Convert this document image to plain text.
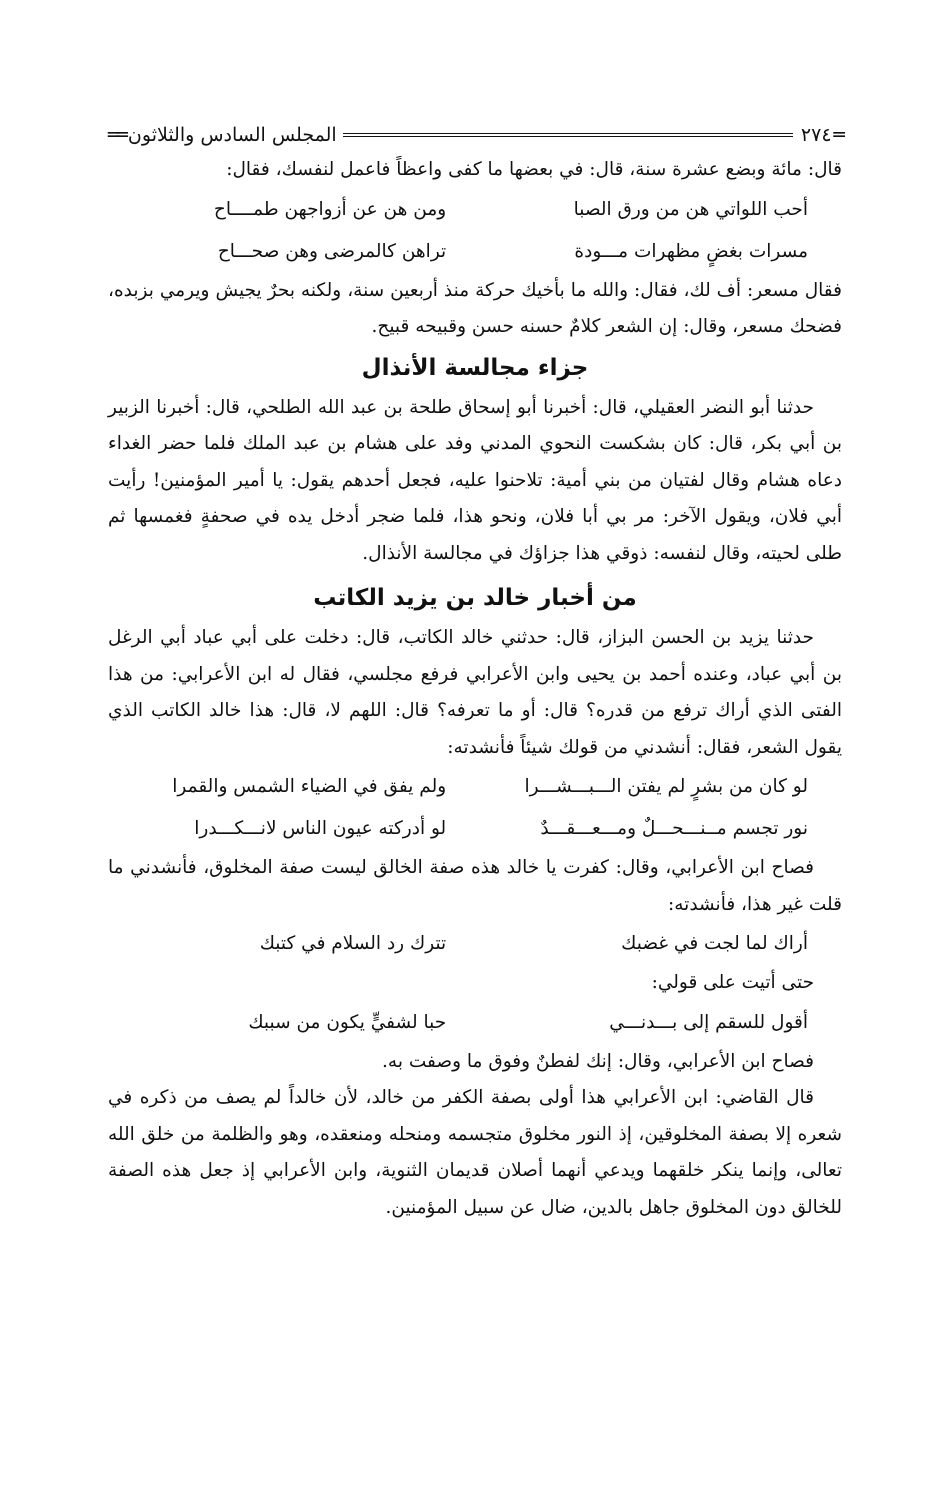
═
٢٧٤
المجلس السادس والثلاثون
══

قال: مائة وبضع عشرة سنة، قال: في بعضها ما كفى واعظاً فاعمل لنفسك، فقال:

أحب اللواتي هن من ورق الصبا
ومن هن عن أزواجهن طمــــاح
مسرات بغضٍ مظهرات مـــودة
تراهن كالمرضى وهن صحـــاح

فقال مسعر: أف لك، فقال: والله ما بأخيك حركة منذ أربعين سنة، ولكنه بحرٌ يجيش ويرمي بزبده، فضحك مسعر، وقال: إن الشعر كلامٌ حسنه حسن وقبيحه قبيح.

جزاء مجالسة الأنذال

حدثنا أبو النضر العقيلي، قال: أخبرنا أبو إسحاق طلحة بن عبد الله الطلحي، قال: أخبرنا الزبير بن أبي بكر، قال: كان بشكست النحوي المدني وفد على هشام بن عبد الملك فلما حضر الغداء دعاه هشام وقال لفتيان من بني أمية: تلاحنوا عليه، فجعل أحدهم يقول: يا أمير المؤمنين! رأيت أبي فلان، ويقول الآخر: مر بي أبا فلان، ونحو هذا، فلما ضجر أدخل يده في صحفةٍ فغمسها ثم طلى لحيته، وقال لنفسه: ذوقي هذا جزاؤك في مجالسة الأنذال.

من أخبار خالد بن يزيد الكاتب

حدثنا يزيد بن الحسن البزاز، قال: حدثني خالد الكاتب، قال: دخلت على أبي عباد أبي الرغل بن أبي عباد، وعنده أحمد بن يحيى وابن الأعرابي فرفع مجلسي، فقال له ابن الأعرابي: من هذا الفتى الذي أراك ترفع من قدره؟ قال: أو ما تعرفه؟ قال: اللهم لا، قال: هذا خالد الكاتب الذي يقول الشعر، فقال: أنشدني من قولك شيئاً فأنشدته:

لو كان من بشرٍ لم يفتن الـــبـــشـــرا
ولم يفق في الضياء الشمس والقمرا
نور تجسم مــنـــحـــلٌ ومـــعـــقـــدٌ
لو أدركته عيون الناس لانـــكـــدرا

فصاح ابن الأعرابي، وقال: كفرت يا خالد هذه صفة الخالق ليست صفة المخلوق، فأنشدني ما قلت غير هذا، فأنشدته:

أراك لما لجت في غضبك
تترك رد السلام في كتبك

حتى أتيت على قولي:

أقول للسقم إلى بـــدنـــي
حبا لشفيٍّ يكون من سببك

فصاح ابن الأعرابي، وقال: إنك لفطنٌ وفوق ما وصفت به.

قال القاضي: ابن الأعرابي هذا أولى بصفة الكفر من خالد، لأن خالداً لم يصف من ذكره في شعره إلا بصفة المخلوقين، إذ النور مخلوق متجسمه ومنحله ومنعقده، وهو والظلمة من خلق الله تعالى، وإنما ينكر خلقهما ويدعي أنهما أصلان قديمان الثنوية، وابن الأعرابي إذ جعل هذه الصفة للخالق دون المخلوق جاهل بالدين، ضال عن سبيل المؤمنين.
